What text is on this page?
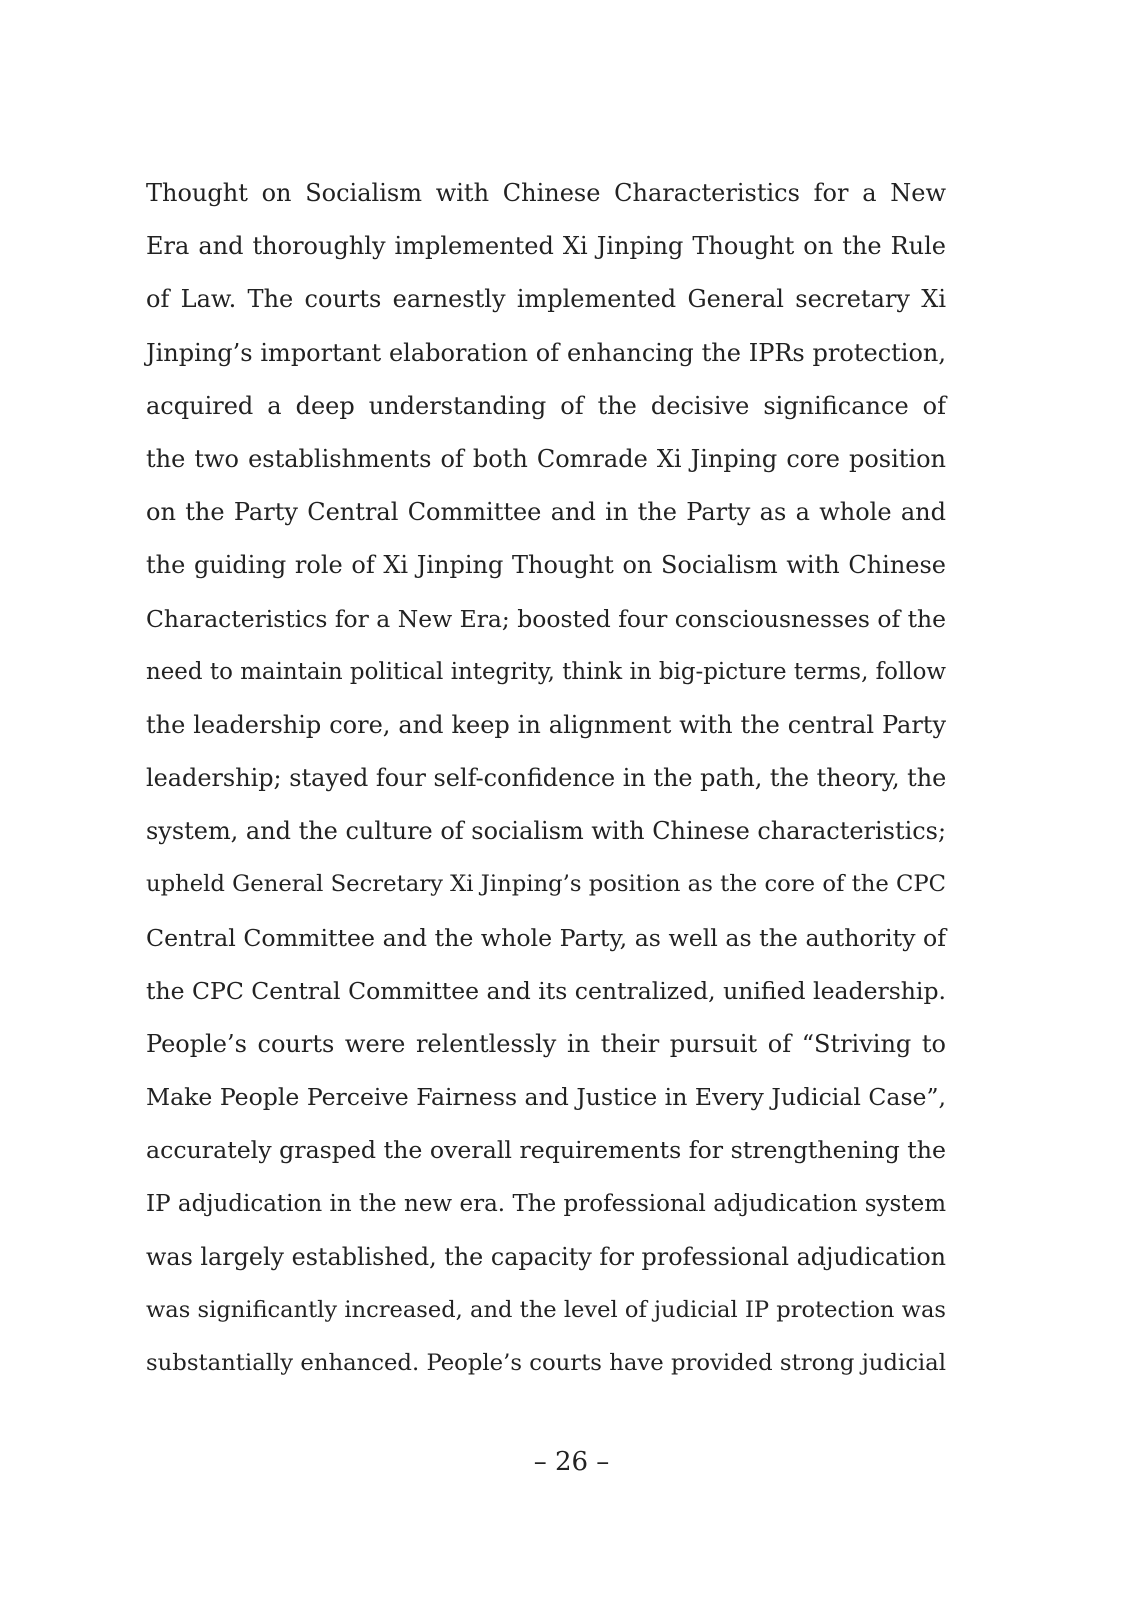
Thought on Socialism with Chinese Characteristics for a New
Era and thoroughly implemented Xi Jinping Thought on the Rule
of Law. The courts earnestly implemented General secretary Xi
Jinping’s important elaboration of enhancing the IPRs protection,
acquired a deep understanding of the decisive significance of
the two establishments of both Comrade Xi Jinping core position
on the Party Central Committee and in the Party as a whole and
the guiding role of Xi Jinping Thought on Socialism with Chinese
Characteristics for a New Era; boosted four consciousnesses of the
need to maintain political integrity, think in big-picture terms, follow
the leadership core, and keep in alignment with the central Party
leadership; stayed four self-confidence in the path, the theory, the
system, and the culture of socialism with Chinese characteristics;
upheld General Secretary Xi Jinping’s position as the core of the CPC
Central Committee and the whole Party, as well as the authority of
the CPC Central Committee and its centralized, unified leadership.
People’s courts were relentlessly in their pursuit of “Striving to
Make People Perceive Fairness and Justice in Every Judicial Case”,
accurately grasped the overall requirements for strengthening the
IP adjudication in the new era. The professional adjudication system
was largely established, the capacity for professional adjudication
was significantly increased, and the level of judicial IP protection was
substantially enhanced. People’s courts have provided strong judicial
– 26 –
